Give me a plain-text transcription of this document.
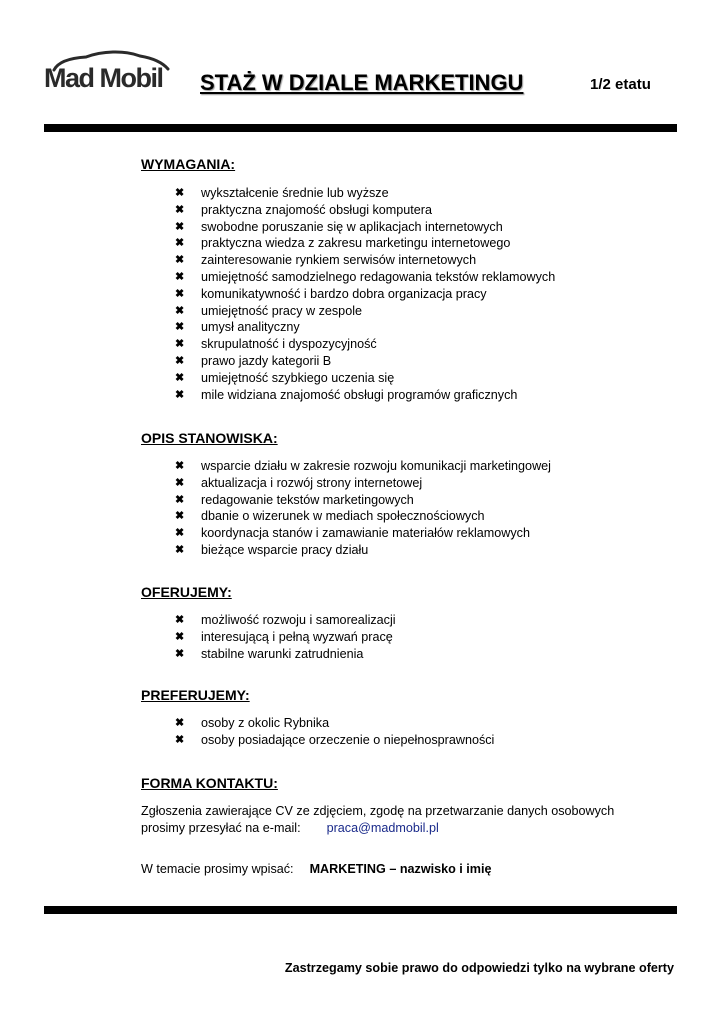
Mad Mobil STAŻ W DZIALE MARKETINGU	1/2 etatu
WYMAGANIA:
✖ wykształcenie średnie lub wyższe
✖ praktyczna znajomość obsługi komputera
✖ swobodne poruszanie się w aplikacjach internetowych
✖ praktyczna wiedza z zakresu marketingu internetowego
✖ zainteresowanie rynkiem serwisów internetowych
✖ umiejętność samodzielnego redagowania tekstów reklamowych
✖ komunikatywność i bardzo dobra organizacja pracy
✖ umiejętność pracy w zespole
✖ umysł analityczny
✖ skrupulatność i dyspozycyjność
✖ prawo jazdy kategorii B
✖ umiejętność szybkiego uczenia się
✖ mile widziana znajomość obsługi programów graficznych
OPIS STANOWISKA:
✖ wsparcie działu w zakresie rozwoju komunikacji marketingowej
✖ aktualizacja i rozwój strony internetowej
✖ redagowanie tekstów marketingowych
✖ dbanie o wizerunek w mediach społecznościowych
✖ koordynacja stanów i zamawianie materiałów reklamowych
✖ bieżące wsparcie pracy działu
OFERUJEMY:
✖ możliwość rozwoju i samorealizacji
✖ interesującą i pełną wyzwań pracę
✖ stabilne warunki zatrudnienia
PREFERUJEMY:
✖ osoby z okolic Rybnika
✖ osoby posiadające orzeczenie o niepełnosprawności
FORMA KONTAKTU:
Zgłoszenia zawierające CV ze zdjęciem, zgodę na przetwarzanie danych osobowych
prosimy przesyłać na e-mail: praca@madmobil.pl
W temacie prosimy wpisać: MARKETING – nazwisko i imię
Zastrzegamy sobie prawo do odpowiedzi tylko na wybrane oferty
